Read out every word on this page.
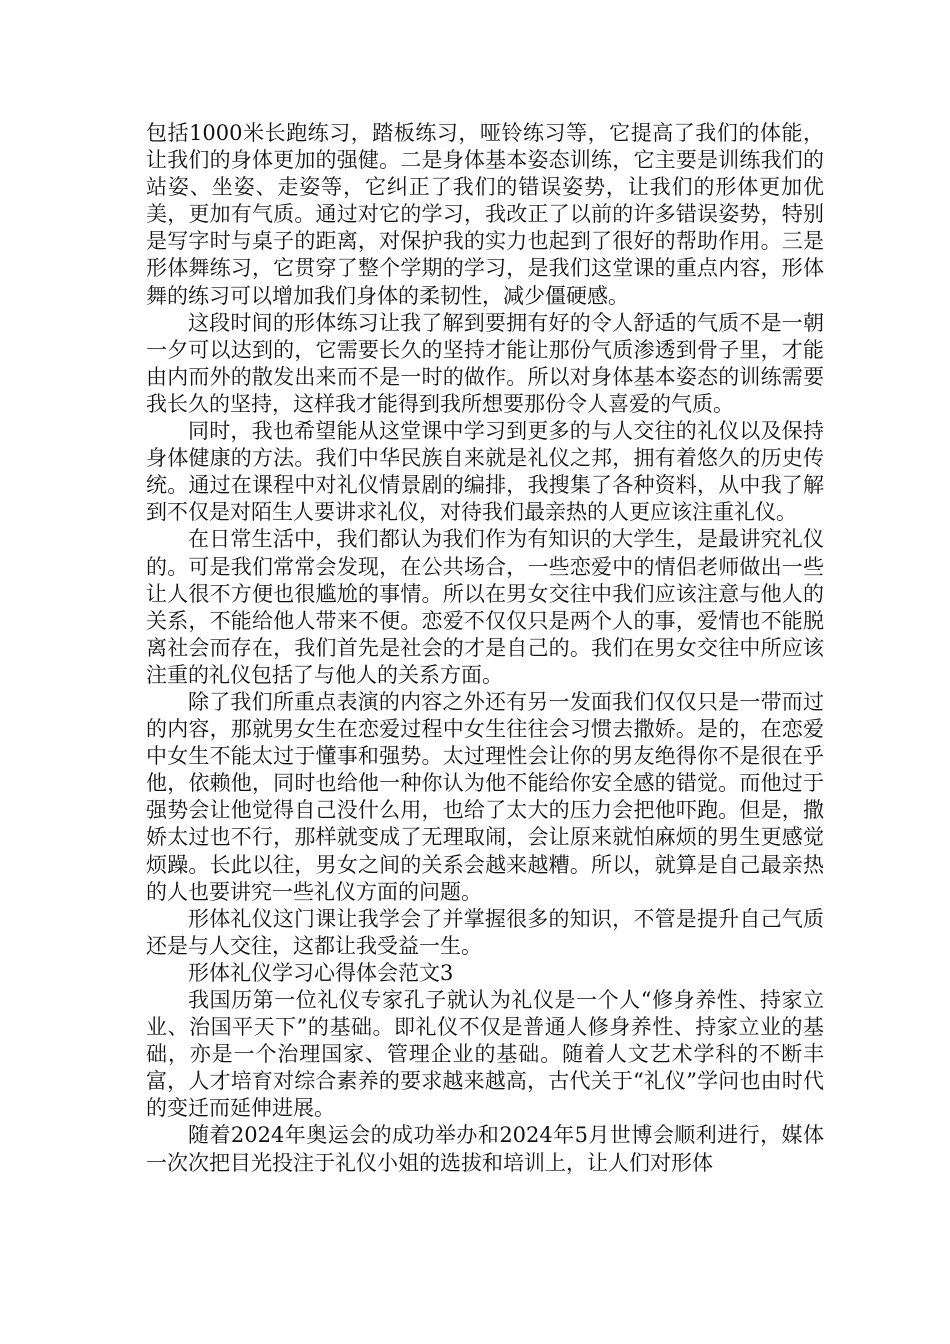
包括1000米长跑练习，踏板练习，哑铃练习等，它提高了我们的体能，让我们的身体更加的强健。二是身体基本姿态训练，它主要是训练我们的站姿、坐姿、走姿等，它纠正了我们的错误姿势，让我们的形体更加优美，更加有气质。通过对它的学习，我改正了以前的许多错误姿势，特别是写字时与桌子的距离，对保护我的实力也起到了很好的帮助作用。三是形体舞练习，它贯穿了整个学期的学习，是我们这堂课的重点内容，形体舞的练习可以增加我们身体的柔韧性，减少僵硬感。

这段时间的形体练习让我了解到要拥有好的令人舒适的气质不是一朝一夕可以达到的，它需要长久的坚持才能让那份气质渗透到骨子里，才能由内而外的散发出来而不是一时的做作。所以对身体基本姿态的训练需要我长久的坚持，这样我才能得到我所想要那份令人喜爱的气质。

同时，我也希望能从这堂课中学习到更多的与人交往的礼仪以及保持身体健康的方法。我们中华民族自来就是礼仪之邦，拥有着悠久的历史传统。通过在课程中对礼仪情景剧的编排，我搜集了各种资料，从中我了解到不仅是对陌生人要讲求礼仪，对待我们最亲热的人更应该注重礼仪。

在日常生活中，我们都认为我们作为有知识的大学生，是最讲究礼仪的。可是我们常常会发现，在公共场合，一些恋爱中的情侣老师做出一些让人很不方便也很尴尬的事情。所以在男女交往中我们应该注意与他人的关系，不能给他人带来不便。恋爱不仅仅只是两个人的事，爱情也不能脱离社会而存在，我们首先是社会的才是自己的。我们在男女交往中所应该注重的礼仪包括了与他人的关系方面。

除了我们所重点表演的内容之外还有另一发面我们仅仅只是一带而过的内容，那就男女生在恋爱过程中女生往往会习惯去撒娇。是的，在恋爱中女生不能太过于懂事和强势。太过理性会让你的男友绝得你不是很在乎他，依赖他，同时也给他一种你认为他不能给你安全感的错觉。而他过于强势会让他觉得自己没什么用，也给了太大的压力会把他吓跑。但是，撒娇太过也不行，那样就变成了无理取闹，会让原来就怕麻烦的男生更感觉烦躁。长此以往，男女之间的关系会越来越糟。所以，就算是自己最亲热的人也要讲究一些礼仪方面的问题。

形体礼仪这门课让我学会了并掌握很多的知识，不管是提升自己气质还是与人交往，这都让我受益一生。

形体礼仪学习心得体会范文3

我国历第一位礼仪专家孔子就认为礼仪是一个人“修身养性、持家立业、治国平天下”的基础。即礼仪不仅是普通人修身养性、持家立业的基础，亦是一个治理国家、管理企业的基础。随着人文艺术学科的不断丰富，人才培育对综合素养的要求越来越高，古代关于“礼仪”学问也由时代的变迁而延伸进展。

随着2024年奥运会的成功举办和2024年5月世博会顺利进行，媒体一次次把目光投注于礼仪小姐的选拔和培训上，让人们对形体
